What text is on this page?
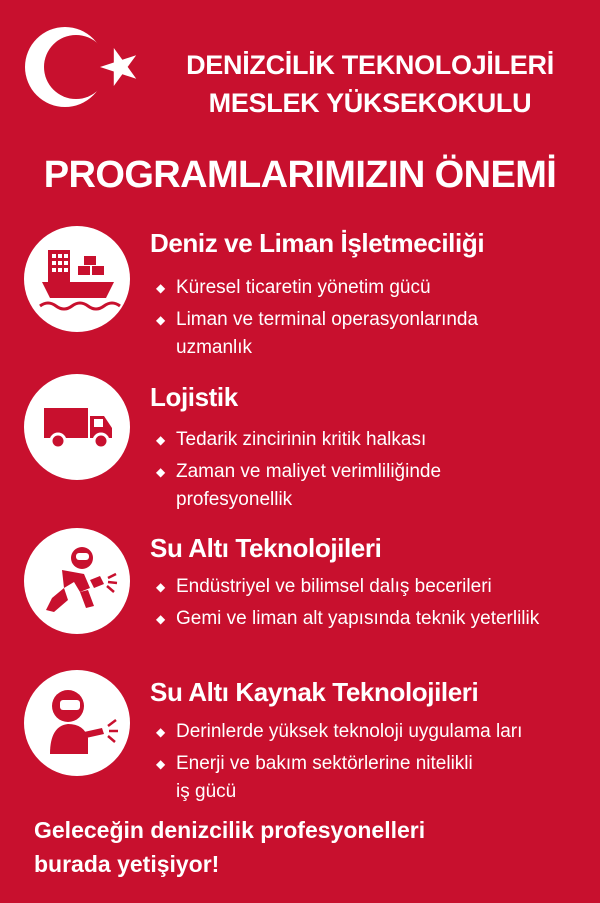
DENİZCİLİK TEKNOLOJİLERİ
MESLEK YÜKSEKOKULU
PROGRAMLARIMIZIN ÖNEMİ
Deniz ve Liman İşletmeciliği
◆ Küresel ticaretin yönetim gücü
◆ Liman ve terminal operasyonlarında uzmanlık
Lojistik
◆ Tedarik zincirinin kritik halkası
◆ Zaman ve maliyet verimliliğinde profesyonellik
Su Altı Teknolojileri
◆ Endüstriyel ve bilimsel dalış becerileri
◆ Gemi ve liman alt yapısında teknik yeterlilik
Su Altı Kaynak Teknolojileri
◆ Derinlerde yüksek teknoloji uygulama ları
◆ Enerji ve bakım sektörlerine nitelikli iş gücü
Geleceğin denizcilik profesyonelleri
burada yetişiyor!
